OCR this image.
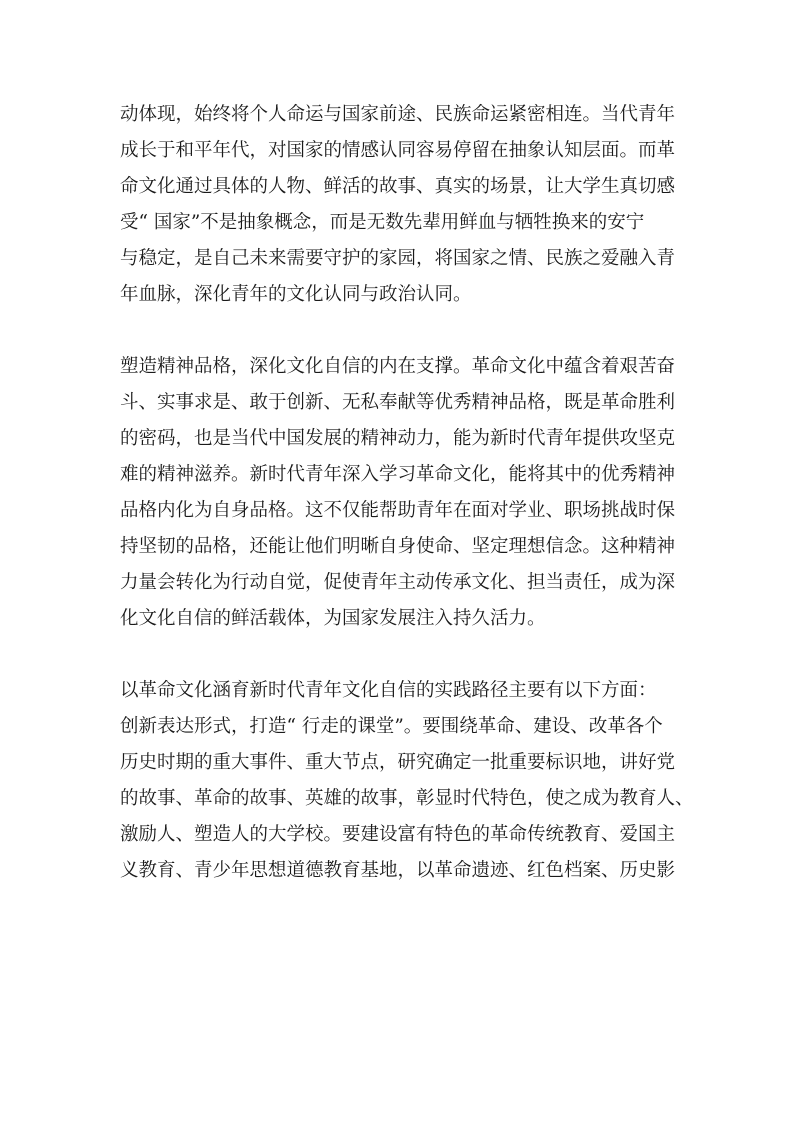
动体现，始终将个人命运与国家前途、民族命运紧密相连。当代青年
成长于和平年代，对国家的情感认同容易停留在抽象认知层面。而革
命文化通过具体的人物、鲜活的故事、真实的场景，让大学生真切感
受“ 国家”不是抽象概念，而是无数先辈用鲜血与牺牲换来的安宁
与稳定，是自己未来需要守护的家园，将国家之情、民族之爱融入青
年血脉，深化青年的文化认同与政治认同。
塑造精神品格，深化文化自信的内在支撑。革命文化中蕴含着艰苦奋
斗、实事求是、敢于创新、无私奉献等优秀精神品格，既是革命胜利
的密码，也是当代中国发展的精神动力，能为新时代青年提供攻坚克
难的精神滋养。新时代青年深入学习革命文化，能将其中的优秀精神
品格内化为自身品格。这不仅能帮助青年在面对学业、职场挑战时保
持坚韧的品格，还能让他们明晰自身使命、坚定理想信念。这种精神
力量会转化为行动自觉，促使青年主动传承文化、担当责任，成为深
化文化自信的鲜活载体，为国家发展注入持久活力。
以革命文化涵育新时代青年文化自信的实践路径主要有以下方面：
创新表达形式，打造“ 行走的课堂”。要围绕革命、建设、改革各个
历史时期的重大事件、重大节点，研究确定一批重要标识地，讲好党
的故事、革命的故事、英雄的故事，彰显时代特色，使之成为教育人、
激励人、塑造人的大学校。要建设富有特色的革命传统教育、爱国主
义教育、青少年思想道德教育基地，以革命遗迹、红色档案、历史影
